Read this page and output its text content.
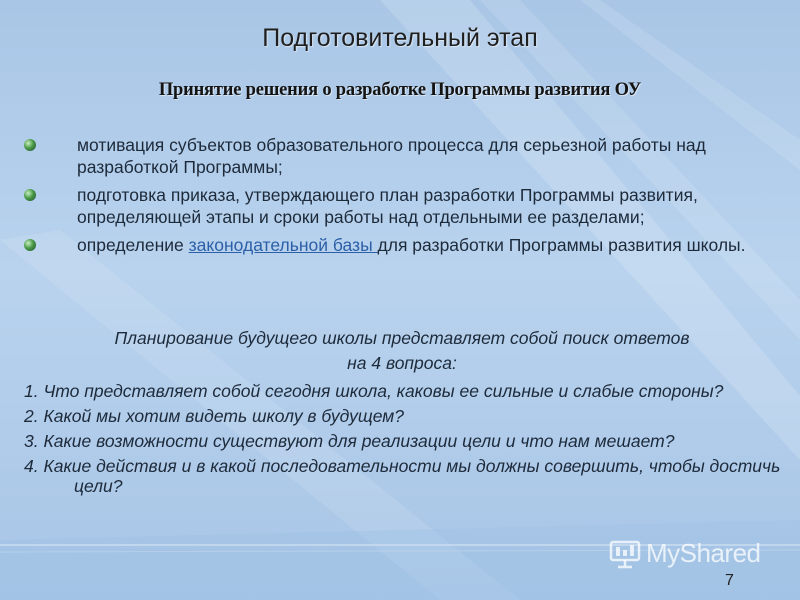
Подготовительный этап
Принятие решения о разработке Программы развития ОУ
мотивация субъектов образовательного процесса для серьезной работы над разработкой Программы;
подготовка приказа, утверждающего план разработки Программы развития, определяющей этапы и сроки работы над отдельными ее разделами;
определение законодательной базы для разработки Программы развития школы.
Планирование будущего школы представляет собой поиск ответов
на 4 вопроса:
1. Что представляет собой сегодня школа, каковы ее сильные и слабые стороны?
2. Какой мы хотим видеть школу в будущем?
3. Какие возможности существуют для реализации цели и что нам мешает?
4. Какие действия и в какой последовательности мы должны совершить, чтобы достичь цели?
MyShared
7
